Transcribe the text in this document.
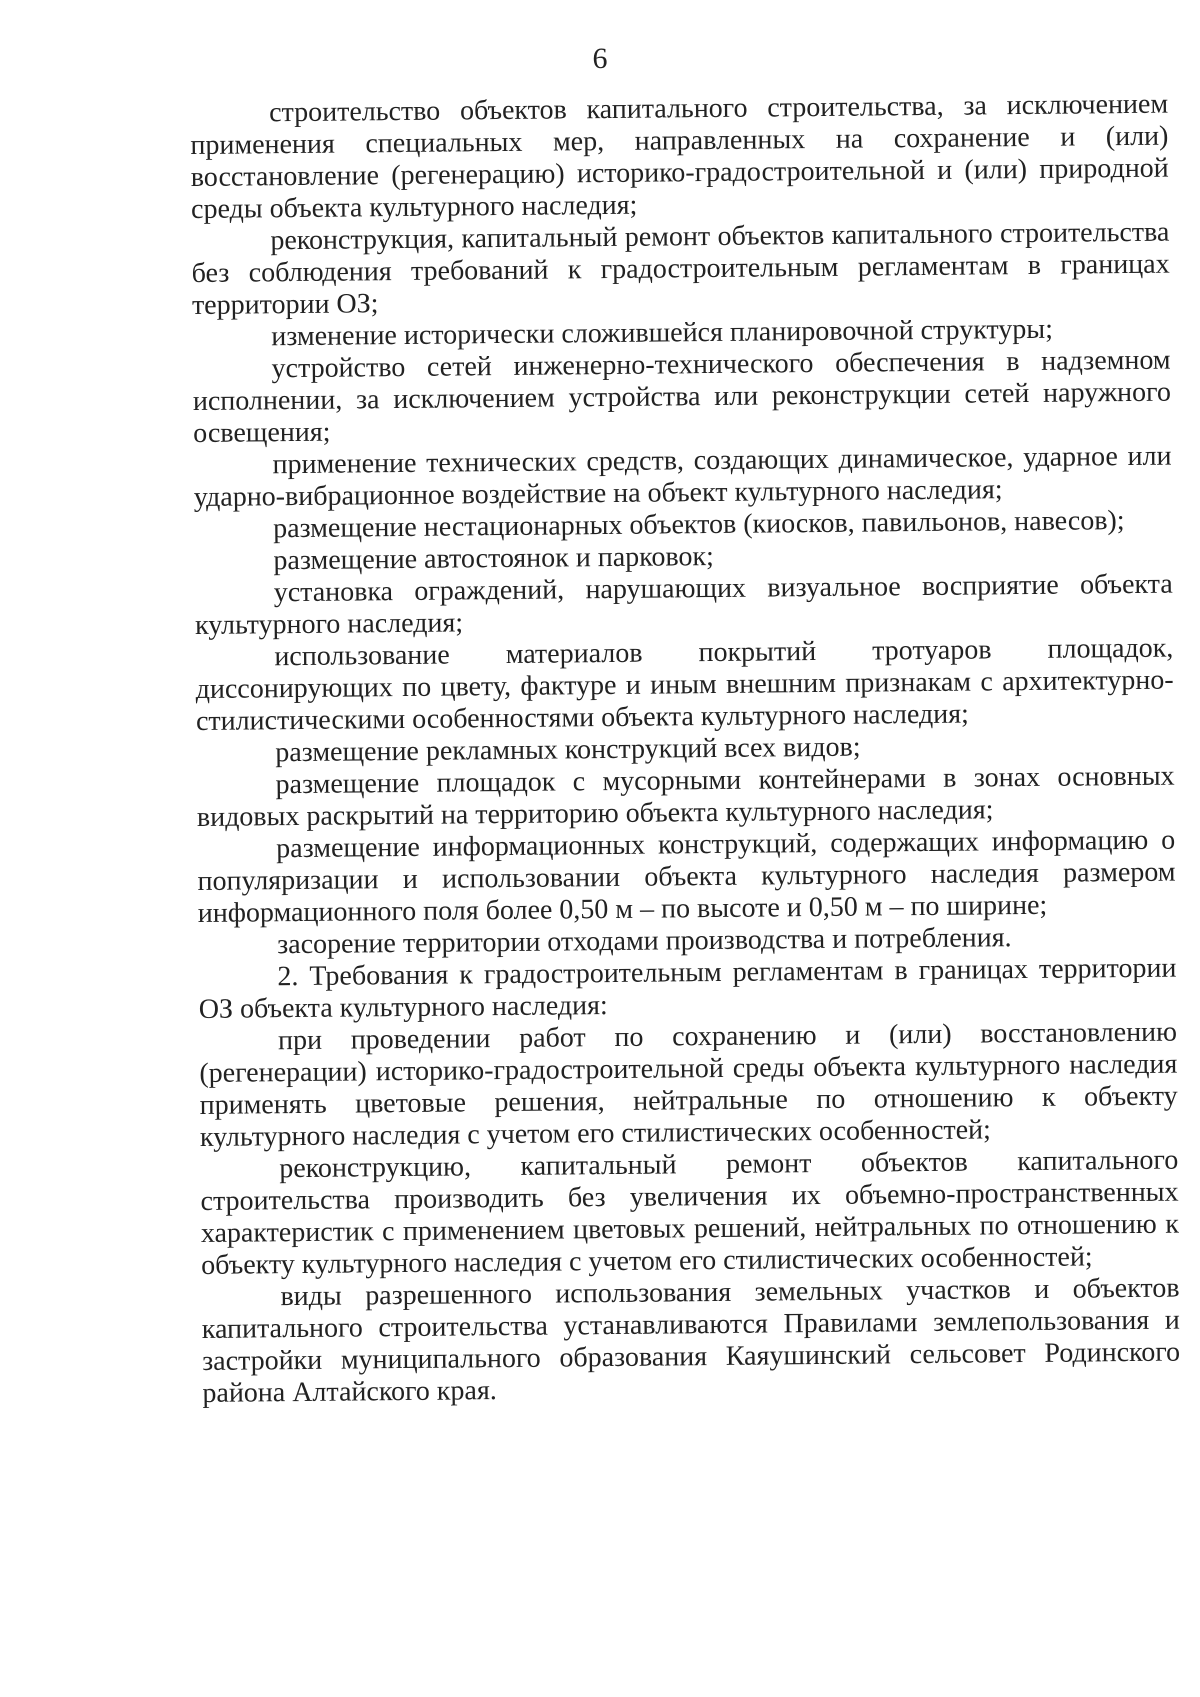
6

строительство объектов капитального строительства, за исключением применения специальных мер, направленных на сохранение и (или) восстановление (регенерацию) историко-градостроительной и (или) природной среды объекта культурного наследия;

реконструкция, капитальный ремонт объектов капитального строительства без соблюдения требований к градостроительным регламентам в границах территории ОЗ;

изменение исторически сложившейся планировочной структуры;

устройство сетей инженерно-технического обеспечения в надземном исполнении, за исключением устройства или реконструкции сетей наружного освещения;

применение технических средств, создающих динамическое, ударное или ударно-вибрационное воздействие на объект культурного наследия;

размещение нестационарных объектов (киосков, павильонов, навесов);

размещение автостоянок и парковок;

установка ограждений, нарушающих визуальное восприятие объекта культурного наследия;

использование материалов покрытий тротуаров площадок, диссонирующих по цвету, фактуре и иным внешним признакам с архитектурно-стилистическими особенностями объекта культурного наследия;

размещение рекламных конструкций всех видов;

размещение площадок с мусорными контейнерами в зонах основных видовых раскрытий на территорию объекта культурного наследия;

размещение информационных конструкций, содержащих информацию о популяризации и использовании объекта культурного наследия размером информационного поля более 0,50 м – по высоте и 0,50 м – по ширине;

засорение территории отходами производства и потребления.

2. Требования к градостроительным регламентам в границах территории ОЗ объекта культурного наследия:

при проведении работ по сохранению и (или) восстановлению (регенерации) историко-градостроительной среды объекта культурного наследия применять цветовые решения, нейтральные по отношению к объекту культурного наследия с учетом его стилистических особенностей;

реконструкцию, капитальный ремонт объектов капитального строительства производить без увеличения их объемно-пространственных характеристик с применением цветовых решений, нейтральных по отношению к объекту культурного наследия с учетом его стилистических особенностей;

виды разрешенного использования земельных участков и объектов капитального строительства устанавливаются Правилами землепользования и застройки муниципального образования Каяушинский сельсовет Родинского района Алтайского края.
